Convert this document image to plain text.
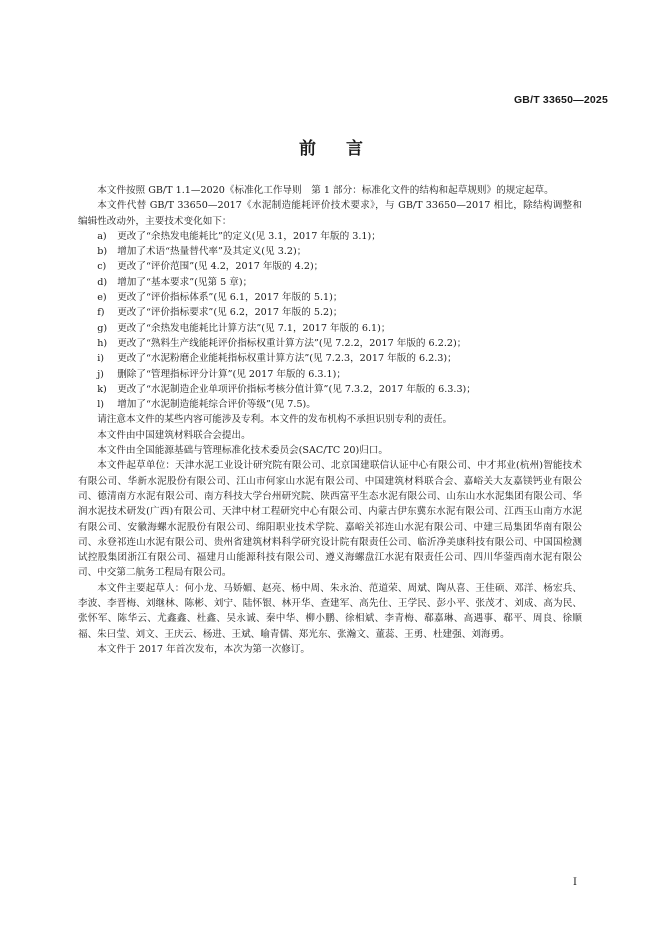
GB/T 33650—2025
前言

本文件按照 GB/T 1.1—2020《标准化工作导则　第 1 部分：标准化文件的结构和起草规则》的规定起草。

本文件代替 GB/T 33650—2017《水泥制造能耗评价技术要求》，与 GB/T 33650—2017 相比，除结构调整和编辑性改动外，主要技术变化如下：

a)	更改了“余热发电能耗比”的定义(见 3.1，2017 年版的 3.1)；
b)	增加了术语“热量替代率”及其定义(见 3.2)；
c)	更改了“评价范围”(见 4.2，2017 年版的 4.2)；
d)	增加了“基本要求”(见第 5 章)；
e)	更改了“评价指标体系”(见 6.1，2017 年版的 5.1)；
f)	更改了“评价指标要求”(见 6.2，2017 年版的 5.2)；
g)	更改了“余热发电能耗比计算方法”(见 7.1，2017 年版的 6.1)；
h)	更改了“熟料生产线能耗评价指标权重计算方法”(见 7.2.2，2017 年版的 6.2.2)；
i)	更改了“水泥粉磨企业能耗指标权重计算方法”(见 7.2.3，2017 年版的 6.2.3)；
j)	删除了“管理指标评分计算”(见 2017 年版的 6.3.1)；
k)	更改了“水泥制造企业单项评价指标考核分值计算”(见 7.3.2，2017 年版的 6.3.3)；
l)	增加了“水泥制造能耗综合评价等级”(见 7.5)。

请注意本文件的某些内容可能涉及专利。本文件的发布机构不承担识别专利的责任。

本文件由中国建筑材料联合会提出。

本文件由全国能源基础与管理标准化技术委员会(SAC/TC 20)归口。

本文件起草单位：天津水泥工业设计研究院有限公司、北京国建联信认证中心有限公司、中才邦业(杭州)智能技术有限公司、华新水泥股份有限公司、江山市何家山水泥有限公司、中国建筑材料联合会、嘉峪关大友嘉镁钙业有限公司、德清南方水泥有限公司、南方科技大学台州研究院、陕西富平生态水泥有限公司、山东山水水泥集团有限公司、华润水泥技术研发(广西)有限公司、天津中材工程研究中心有限公司、内蒙古伊东冀东水泥有限公司、江西玉山南方水泥有限公司、安徽海螺水泥股份有限公司、绵阳职业技术学院、嘉峪关祁连山水泥有限公司、中建三局集团华南有限公司、永登祁连山水泥有限公司、贵州省建筑材料科学研究设计院有限责任公司、临沂净美康科技有限公司、中国国检测试控股集团浙江有限公司、福建月山能源科技有限公司、遵义海螺盘江水泥有限责任公司、四川华蓥西南水泥有限公司、中交第二航务工程局有限公司。

本文件主要起草人：何小龙、马娇媚、赵亮、杨中周、朱永治、范道荣、周斌、陶从喜、王佳硕、邓洋、杨宏兵、李波、李晋梅、刘继林、陈彬、刘宁、陆怀银、林开华、查建军、高先仕、王学民、彭小平、张茂才、刘成、高为民、张怀军、陈华云、尤鑫鑫、杜鑫、吴永诚、秦中华、柳小鹏、徐相斌、李青梅、郗嘉琳、高遇事、郗平、周良、徐顺福、朱曰莹、刘文、王庆云、杨进、王斌、喻青儒、郑光东、张瀚文、董蕊、王勇、杜建强、刘海勇。

本文件于 2017 年首次发布，本次为第一次修订。

I
